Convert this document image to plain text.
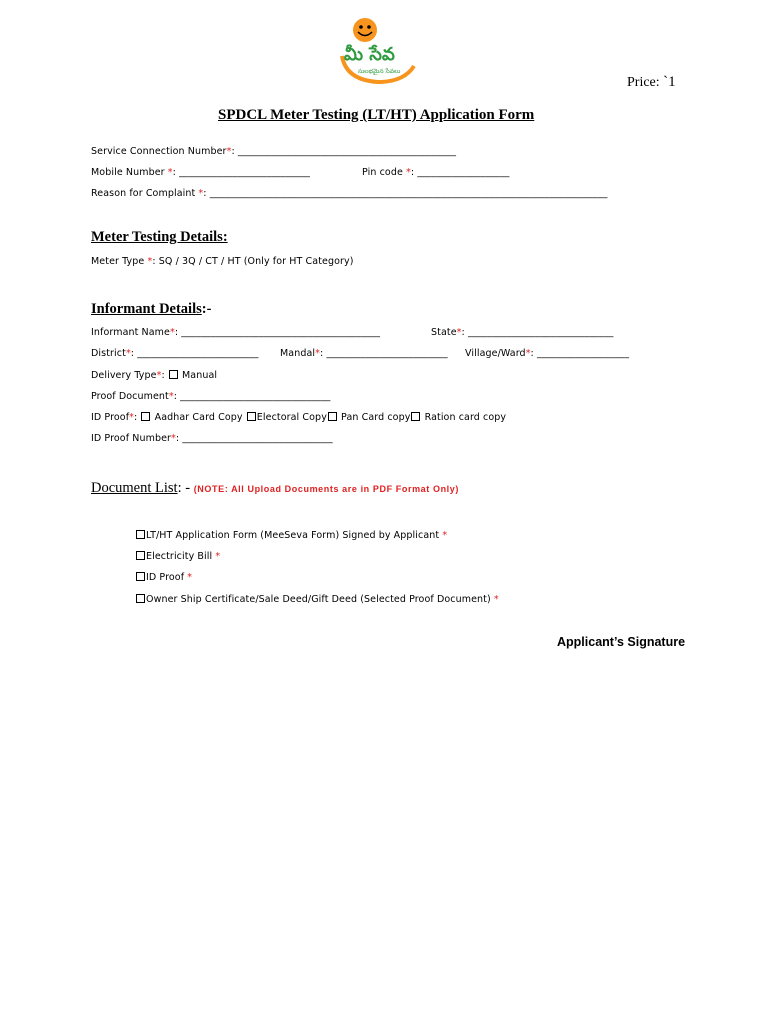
మీ సేవ
సులభమైన సేవలు
Price: `1
SPDCL Meter Testing (LT/HT) Application Form
Service Connection Number*: _____________________________________________
Mobile Number *: ___________________________	Pin code *: ___________________
Reason for Complaint *: __________________________________________________________________________________
Meter Testing Details:
Meter Type *: SQ / 3Q / CT / HT (Only for HT Category)
Informant Details:-
Informant Name*: _________________________________________	State*: ______________________________
District*: _________________________ Mandal*: _________________________ Village/Ward*: ___________________
Delivery Type*: Manual
Proof Document*: _______________________________
ID Proof*: Aadhar Card Copy Electoral Copy Pan Card copy Ration card copy
ID Proof Number*: _______________________________
Document List: - (NOTE: All Upload Documents are in PDF Format Only)
LT/HT Application Form (MeeSeva Form) Signed by Applicant *
Electricity Bill *
ID Proof *
Owner Ship Certificate/Sale Deed/Gift Deed (Selected Proof Document) *
Applicant’s Signature
